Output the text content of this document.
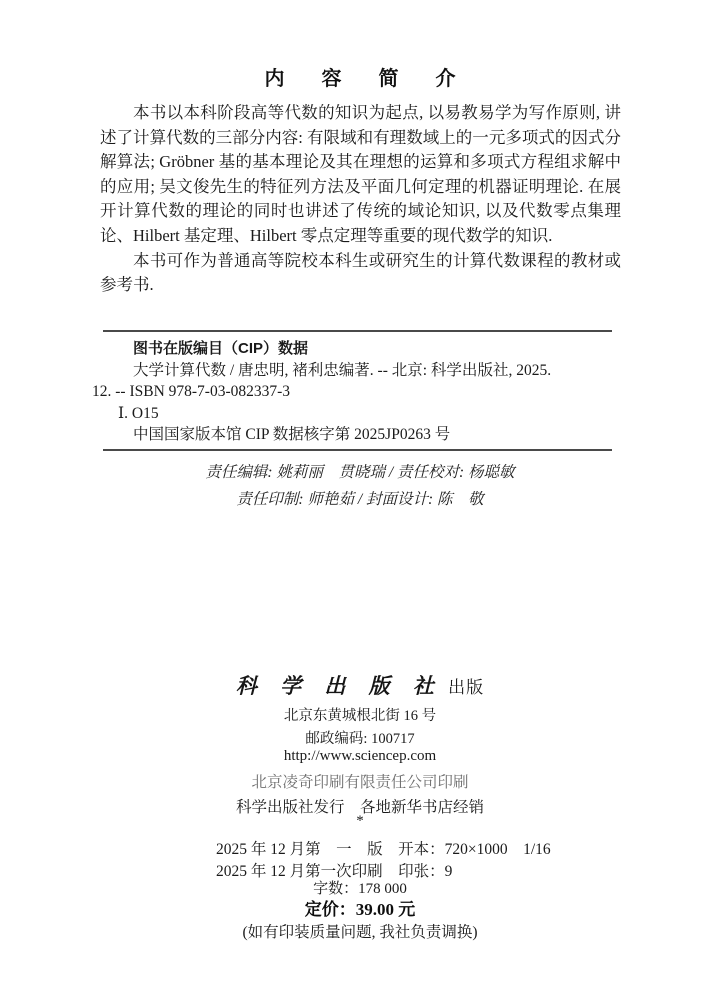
内 容 简 介

本书以本科阶段高等代数的知识为起点, 以易教易学为写作原则, 讲述了计算代数的三部分内容: 有限域和有理数域上的一元多项式的因式分解算法; Gröbner 基的基本理论及其在理想的运算和多项式方程组求解中的应用; 吴文俊先生的特征列方法及平面几何定理的机器证明理论. 在展开计算代数的理论的同时也讲述了传统的域论知识, 以及代数零点集理论、Hilbert 基定理、Hilbert 零点定理等重要的现代数学的知识.

本书可作为普通高等院校本科生或研究生的计算代数课程的教材或参考书.

图书在版编目（CIP）数据
大学计算代数 / 唐忠明, 褚利忠编著. -- 北京: 科学出版社, 2025.
12. -- ISBN 978-7-03-082337-3
Ⅰ. O15
中国国家版本馆 CIP 数据核字第 2025JP0263 号
责任编辑: 姚莉丽　贯晓瑞 / 责任校对: 杨聪敏
责任印制: 师艳茹 / 封面设计: 陈　敬
科 学 出 版 社 出版
北京东黄城根北街 16 号
邮政编码: 100717
http://www.sciencep.com
北京凌奇印刷有限责任公司印刷
科学出版社发行　各地新华书店经销
*
2025 年 12 月第　一　版　开本：720×1000　1/16
2025 年 12 月第一次印刷　印张：9
字数：178 000
定价：39.00 元
(如有印装质量问题, 我社负责调换)
